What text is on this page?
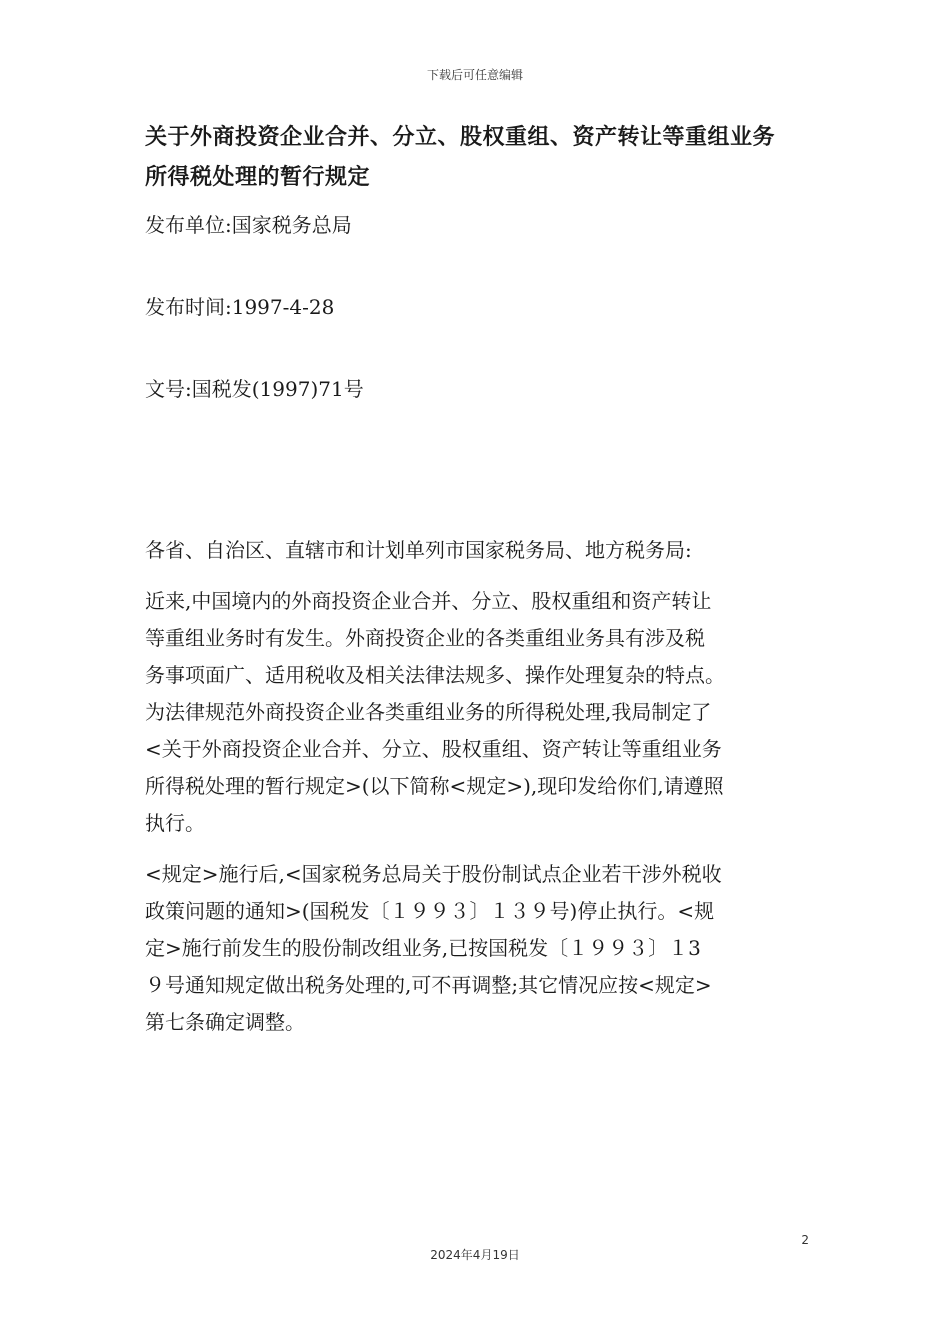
下载后可任意编辑
关于外商投资企业合并、分立、股权重组、资产转让等重组业务
所得税处理的暂行规定

发布单位:国家税务总局

发布时间:1997-4-28

文号:国税发(1997)71号

各省、自治区、直辖市和计划单列市国家税务局、地方税务局:

近来,中国境内的外商投资企业合并、分立、股权重组和资产转让
等重组业务时有发生。外商投资企业的各类重组业务具有涉及税
务事项面广、适用税收及相关法律法规多、操作处理复杂的特点。
为法律规范外商投资企业各类重组业务的所得税处理,我局制定了
<关于外商投资企业合并、分立、股权重组、资产转让等重组业务
所得税处理的暂行规定>(以下简称<规定>),现印发给你们,请遵照
执行。
<规定>施行后,<国家税务总局关于股份制试点企业若干涉外税收
政策问题的通知>(国税发〔１９９３〕１３９号)停止执行。<规
定>施行前发生的股份制改组业务,已按国税发〔１９９３〕１3
９号通知规定做出税务处理的,可不再调整;其它情况应按<规定>
第七条确定调整。
2
2024年4月19日
